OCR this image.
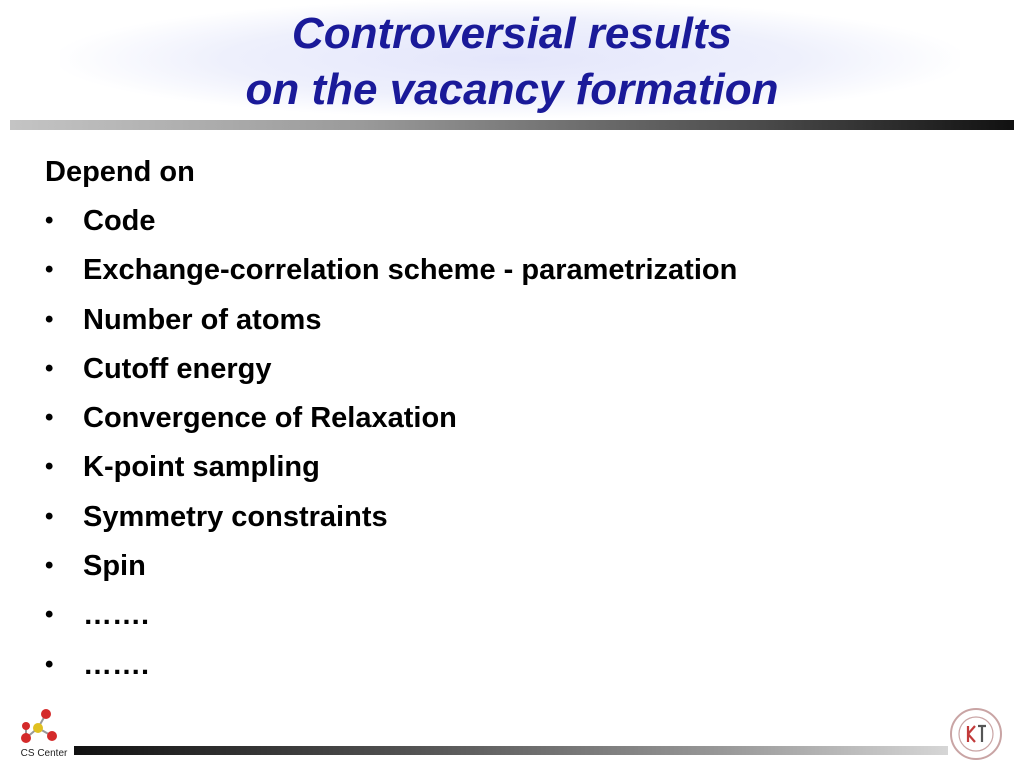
Controversial results
on the vacancy formation
Depend on
•	Code
•	Exchange-correlation scheme - parametrization
•	Number of atoms
•	Cutoff energy
•	Convergence of Relaxation
•	K-point sampling
•	Symmetry constraints
•	Spin
•	…….
•	…….
CS Center
